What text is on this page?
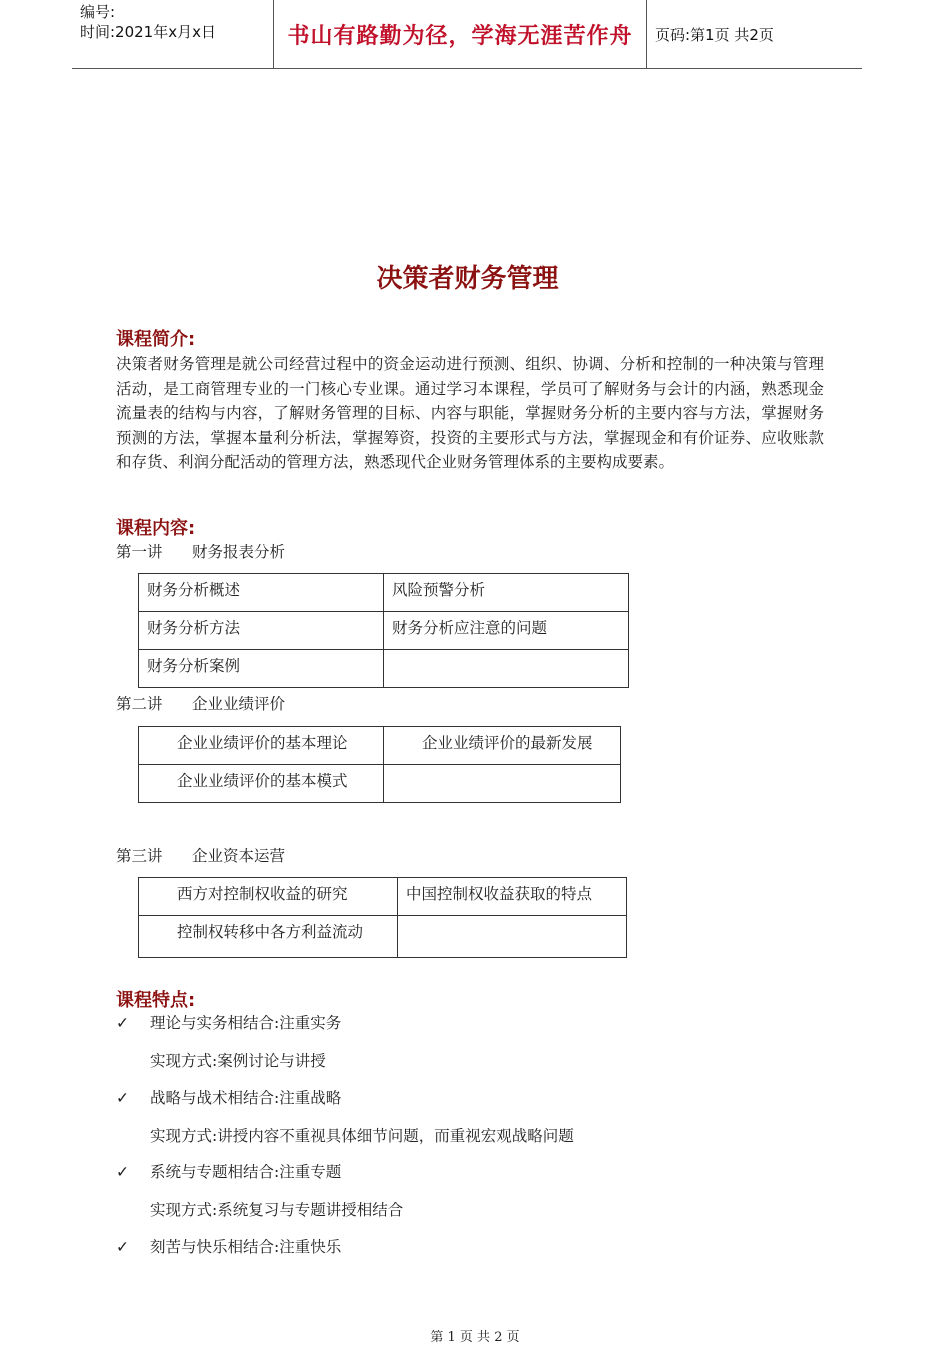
编号:
时间:2021年x月x日	书山有路勤为径，学海无涯苦作舟	页码:第1页 共2页
决策者财务管理
课程简介:
决策者财务管理是就公司经营过程中的资金运动进行预测、组织、协调、分析和控制的一种决策与管理活动，是工商管理专业的一门核心专业课。通过学习本课程，学员可了解财务与会计的内涵，熟悉现金流量表的结构与内容，了解财务管理的目标、内容与职能，掌握财务分析的主要内容与方法，掌握财务预测的方法，掌握本量利分析法，掌握筹资，投资的主要形式与方法，掌握现金和有价证券、应收账款和存货、利润分配活动的管理方法，熟悉现代企业财务管理体系的主要构成要素。
课程内容:
第一讲 财务报表分析
财务分析概述	风险预警分析
财务分析方法	财务分析应注意的问题
财务分析案例	
第二讲 企业业绩评价
企业业绩评价的基本理论	企业业绩评价的最新发展
企业业绩评价的基本模式	
第三讲 企业资本运营
西方对控制权收益的研究	中国控制权收益获取的特点
控制权转移中各方利益流动	
课程特点:
✓ 理论与实务相结合:注重实务
实现方式:案例讨论与讲授
✓ 战略与战术相结合:注重战略
实现方式:讲授内容不重视具体细节问题，而重视宏观战略问题
✓ 系统与专题相结合:注重专题
实现方式:系统复习与专题讲授相结合
✓ 刻苦与快乐相结合:注重快乐
第 1 页 共 2 页
